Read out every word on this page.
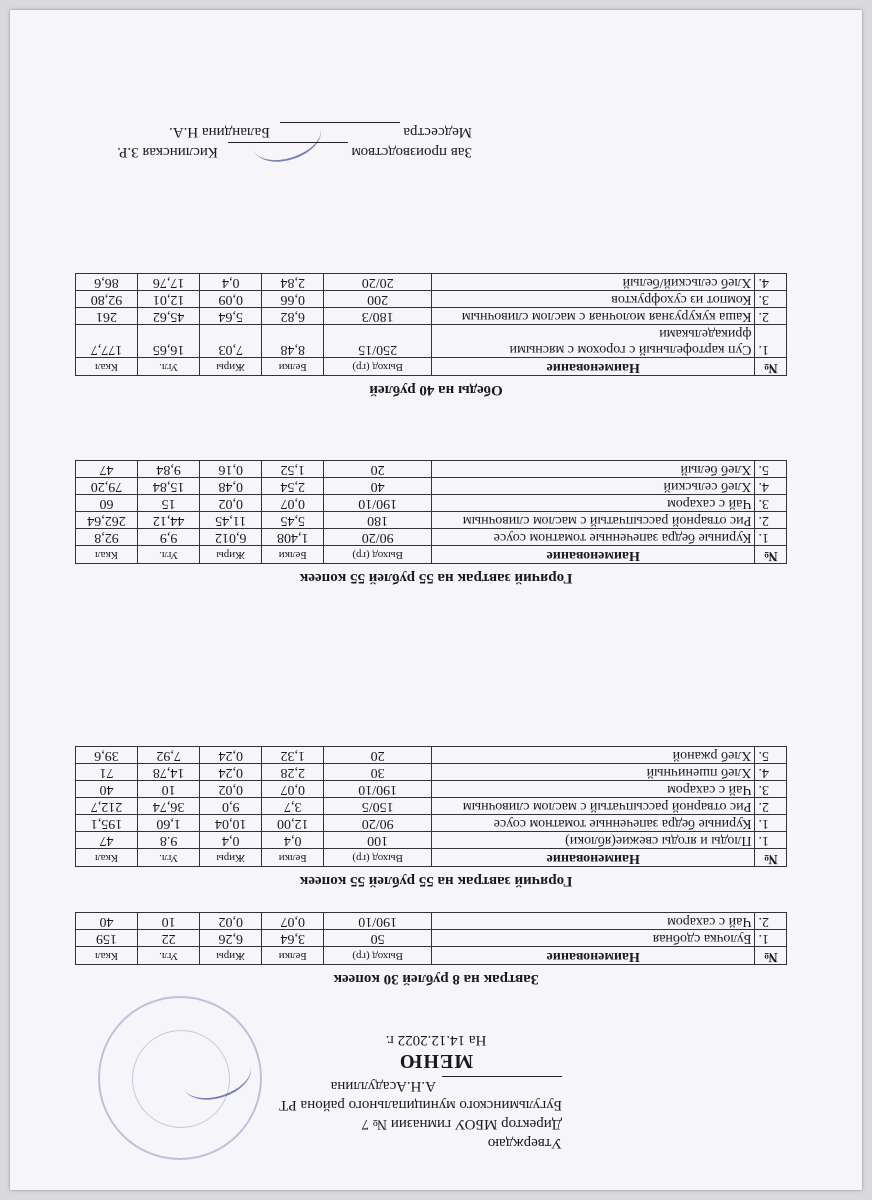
Утверждаю
Директор МБОУ гимназии № 7
Бугульминского муниципального района РТ
А.Н.Асадуллина
МЕНЮ
На 14.12.2022 г.
Завтрак на 8 рублей 30 копеек
№	Наименование	Выход (гр)	Белки	Жиры	Угл.	Ккал
1.	Булочка сдобная	50	3,64	6,26	22	159
2.	Чай с сахаром	190/10	0,07	0,02	10	40
Горячий завтрак на 55 рублей 55 копеек
№	Наименование	Выход (гр)	Белки	Жиры	Угл.	Ккал
1.	Плоды и ягоды свежие(яблоки)	100	0,4	0,4	9.8	47
1.	Куриные бедра запеченные томатном соусе	90/20	12,00	10,04	1,60	195,1
2.	Рис отварной рассыпчатый с маслом сливочным	150/5	3,7	9,0	36,74	212,7
3.	Чай с сахаром	190/10	0,07	0,02	10	40
4.	Хлеб пшеничный	30	2,28	0,24	14,78	71
5.	Хлеб ржаной	20	1,32	0,24	7,92	39,6
Горячий завтрак на 55 рублей 55 копеек
№	Наименование	Выход (гр)	Белки	Жиры	Угл.	Ккал
1.	Куриные бедра запеченные томатном соусе	90/20	1,408	6,012	9,9	92,8
2.	Рис отварной рассыпчатый с маслом сливочным	180	5,45	11,45	44,12	262,64
3.	Чай с сахаром	190/10	0,07	0,02	15	60
4.	Хлеб сельский	40	2,54	0,48	15,84	79,20
5.	Хлеб белый	20	1,52	0,16	9,84	47
Обеды на 40 рублей
№	Наименование	Выход (гр)	Белки	Жиры	Угл.	Ккал
1.	Суп картофельный с горохом с мясными фрикадельками	250/15	8,48	7,03	16,65	177,7
2.	Каша кукурузная молочная с маслом сливочным	180/3	6,82	5,64	45,62	261
3.	Компот из сухофруктов	200	0,66	0,09	12,01	92,80
4.	Хлеб сельский/белый	20/20	2,84	0,4	17,76	86,6
Зав производством  Кислинская З.Р.
Медсестра  Баландина Н.А.
